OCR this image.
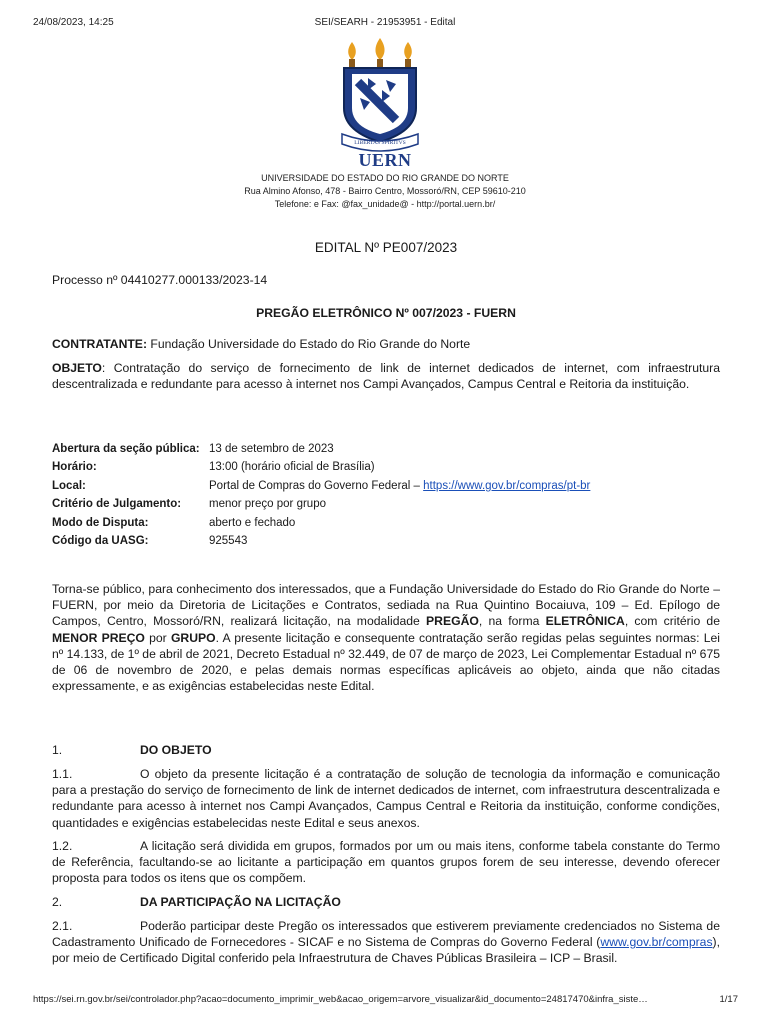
24/08/2023, 14:25	SEI/SEARH - 21953951 - Edital
LIBERTAS SPIRITVS
UERN
UNIVERSIDADE DO ESTADO DO RIO GRANDE DO NORTE
Rua Almino Afonso, 478 - Bairro Centro, Mossoró/RN, CEP 59610-210
Telefone: e Fax: @fax_unidade@ - http://portal.uern.br/
EDITAL Nº PE007/2023
Processo nº 04410277.000133/2023-14
PREGÃO ELETRÔNICO Nº 007/2023 - FUERN
CONTRATANTE: Fundação Universidade do Estado do Rio Grande do Norte
OBJETO: Contratação do serviço de fornecimento de link de internet dedicados de internet, com infraestrutura descentralizada e redundante para acesso à internet nos Campi Avançados, Campus Central e Reitoria da instituição.
Abertura da seção pública: 13 de setembro de 2023
Horário:	13:00 (horário oficial de Brasília)
Local:	Portal de Compras do Governo Federal – https://www.gov.br/compras/pt-br
Critério de Julgamento:	menor preço por grupo
Modo de Disputa:	aberto e fechado
Código da UASG:	925543
Torna-se público, para conhecimento dos interessados, que a Fundação Universidade do Estado do Rio Grande do Norte – FUERN, por meio da Diretoria de Licitações e Contratos, sediada na Rua Quintino Bocaiuva, 109 – Ed. Epílogo de Campos, Centro, Mossoró/RN, realizará licitação, na modalidade PREGÃO, na forma ELETRÔNICA, com critério de MENOR PREÇO por GRUPO. A presente licitação e consequente contratação serão regidas pelas seguintes normas: Lei nº 14.133, de 1º de abril de 2021, Decreto Estadual nº 32.449, de 07 de março de 2023, Lei Complementar Estadual nº 675 de 06 de novembro de 2020, e pelas demais normas específicas aplicáveis ao objeto, ainda que não citadas expressamente, e as exigências estabelecidas neste Edital.
1.	DO OBJETO
1.1.	O objeto da presente licitação é a contratação de solução de tecnologia da informação e comunicação para a prestação do serviço de fornecimento de link de internet dedicados de internet, com infraestrutura descentralizada e redundante para acesso à internet nos Campi Avançados, Campus Central e Reitoria da instituição, conforme condições, quantidades e exigências estabelecidas neste Edital e seus anexos.
1.2.	A licitação será dividida em grupos, formados por um ou mais itens, conforme tabela constante do Termo de Referência, facultando-se ao licitante a participação em quantos grupos forem de seu interesse, devendo oferecer proposta para todos os itens que os compõem.
2.	DA PARTICIPAÇÃO NA LICITAÇÃO
2.1.	Poderão participar deste Pregão os interessados que estiverem previamente credenciados no Sistema de Cadastramento Unificado de Fornecedores - SICAF e no Sistema de Compras do Governo Federal (www.gov.br/compras), por meio de Certificado Digital conferido pela Infraestrutura de Chaves Públicas Brasileira – ICP – Brasil.
https://sei.rn.gov.br/sei/controlador.php?acao=documento_imprimir_web&acao_origem=arvore_visualizar&id_documento=24817470&infra_siste…	1/17
